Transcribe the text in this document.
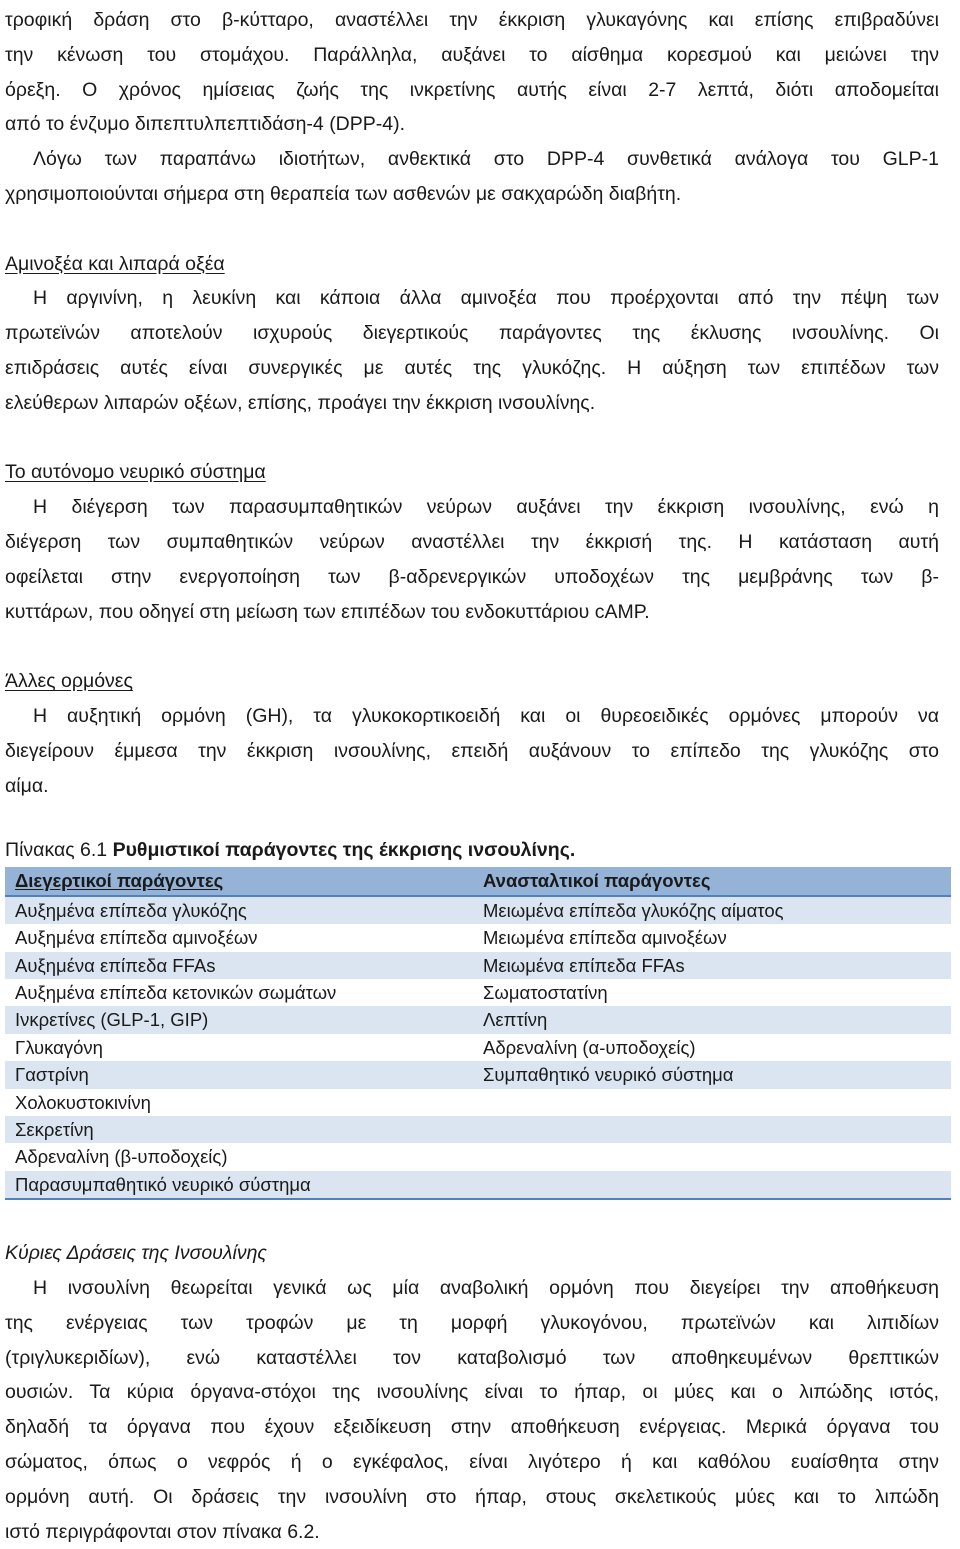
τροφική δράση στο β-κύτταρο, αναστέλλει την έκκριση γλυκαγόνης και επίσης επιβραδύνει
την κένωση του στομάχου. Παράλληλα, αυξάνει το αίσθημα κορεσμού και μειώνει την
όρεξη. Ο χρόνος ημίσειας ζωής της ινκρετίνης αυτής είναι 2-7 λεπτά, διότι αποδομείται
από το ένζυμο διπεπτυλπεπτιδάση-4 (DPP-4).

Λόγω των παραπάνω ιδιοτήτων, ανθεκτικά στο DPP-4 συνθετικά ανάλογα του GLP-1
χρησιμοποιούνται σήμερα στη θεραπεία των ασθενών με σακχαρώδη διαβήτη.

Αμινοξέα και λιπαρά οξέα

Η αργινίνη, η λευκίνη και κάποια άλλα αμινοξέα που προέρχονται από την πέψη των
πρωτεϊνών αποτελούν ισχυρούς διεγερτικούς παράγοντες της έκλυσης ινσουλίνης. Οι
επιδράσεις αυτές είναι συνεργικές με αυτές της γλυκόζης. Η αύξηση των επιπέδων των
ελεύθερων λιπαρών οξέων, επίσης, προάγει την έκκριση ινσουλίνης.

Το αυτόνομο νευρικό σύστημα

Η διέγερση των παρασυμπαθητικών νεύρων αυξάνει την έκκριση ινσουλίνης, ενώ η
διέγερση των συμπαθητικών νεύρων αναστέλλει την έκκρισή της. Η κατάσταση αυτή
οφείλεται στην ενεργοποίηση των β-αδρενεργικών υποδοχέων της μεμβράνης των β-
κυττάρων, που οδηγεί στη μείωση των επιπέδων του ενδοκυττάριου cAMP.

Άλλες ορμόνες

Η αυξητική ορμόνη (GH), τα γλυκοκορτικοειδή και οι θυρεοειδικές ορμόνες μπορούν να
διεγείρουν έμμεσα την έκκριση ινσουλίνης, επειδή αυξάνουν το επίπεδο της γλυκόζης στο
αίμα.

Πίνακας 6.1 Ρυθμιστικοί παράγοντες της έκκρισης ινσουλίνης.

Διεγερτικοί παράγοντες	Ανασταλτικοί παράγοντες
Αυξημένα επίπεδα γλυκόζης	Μειωμένα επίπεδα γλυκόζης αίματος
Αυξημένα επίπεδα αμινοξέων	Μειωμένα επίπεδα αμινοξέων
Αυξημένα επίπεδα FFAs	Μειωμένα επίπεδα FFAs
Αυξημένα επίπεδα κετονικών σωμάτων	Σωματοστατίνη
Ινκρετίνες (GLP-1, GIP)	Λεπτίνη
Γλυκαγόνη	Αδρεναλίνη (α-υποδοχείς)
Γαστρίνη	Συμπαθητικό νευρικό σύστημα
Χολοκυστοκινίνη	
Σεκρετίνη	
Αδρεναλίνη (β-υποδοχείς)	
Παρασυμπαθητικό νευρικό σύστημα	

Κύριες Δράσεις της Ινσουλίνης

Η ινσουλίνη θεωρείται γενικά ως μία αναβολική ορμόνη που διεγείρει την αποθήκευση
της ενέργειας των τροφών με τη μορφή γλυκογόνου, πρωτεϊνών και λιπιδίων
(τριγλυκεριδίων), ενώ καταστέλλει τον καταβολισμό των αποθηκευμένων θρεπτικών
ουσιών. Τα κύρια όργανα-στόχοι της ινσουλίνης είναι το ήπαρ, οι μύες και ο λιπώδης ιστός,
δηλαδή τα όργανα που έχουν εξειδίκευση στην αποθήκευση ενέργειας. Μερικά όργανα του
σώματος, όπως ο νεφρός ή ο εγκέφαλος, είναι λιγότερο ή και καθόλου ευαίσθητα στην
ορμόνη αυτή. Οι δράσεις την ινσουλίνη στο ήπαρ, στους σκελετικούς μύες και το λιπώδη
ιστό περιγράφονται στον πίνακα 6.2.
